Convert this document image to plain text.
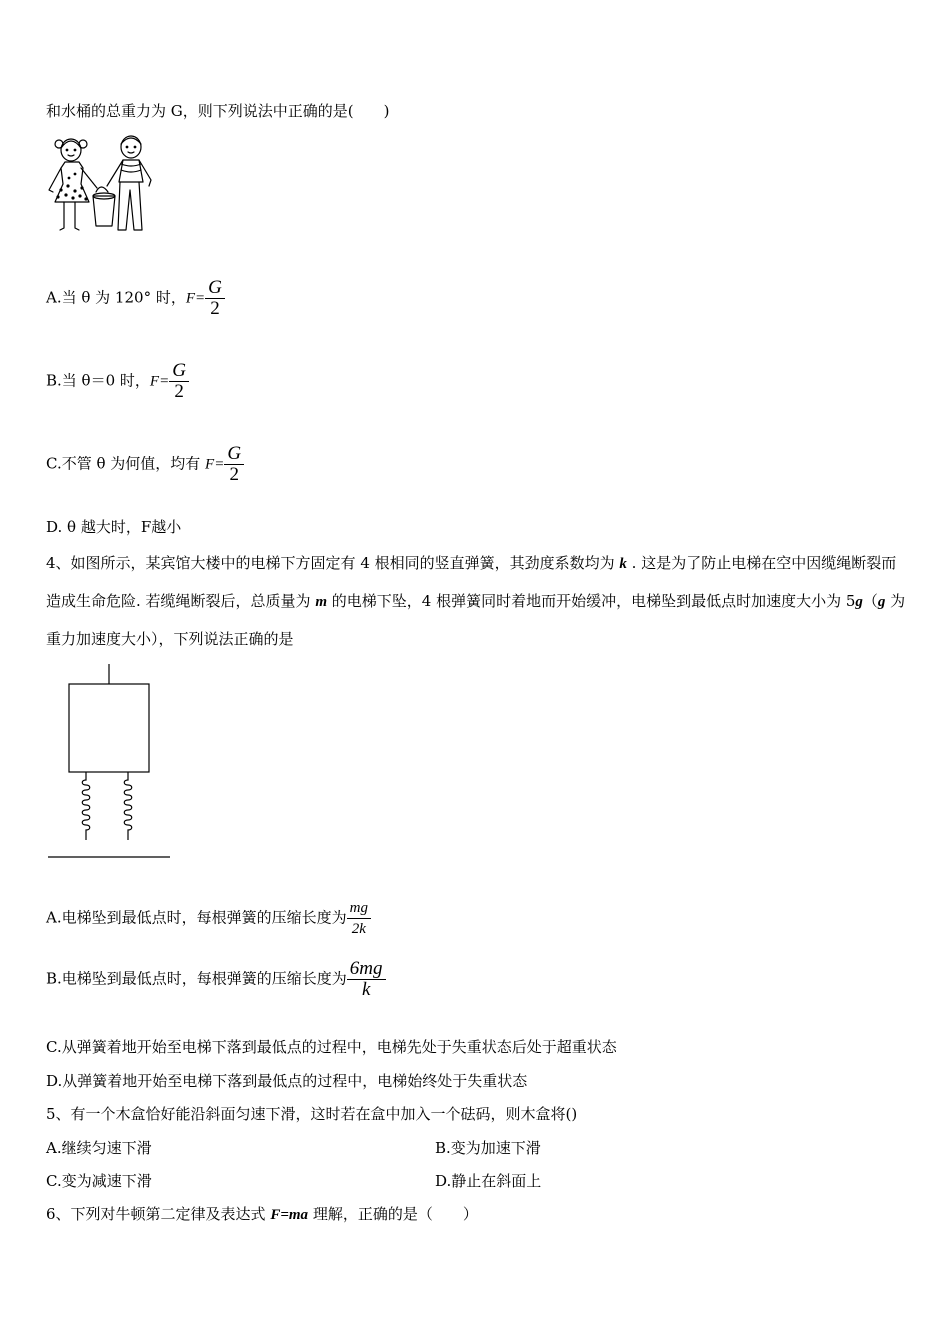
和水桶的总重力为 G，则下列说法中正确的是(　　)
A.当 θ 为 120° 时，$F= \frac{G}{2}$
B.当 θ＝0 时，$F= \frac{G}{2}$
C.不管 θ 为何值，均有 $F= \frac{G}{2}$
D. θ 越大时，F越小
4、如图所示，某宾馆大楼中的电梯下方固定有 4 根相同的竖直弹簧，其劲度系数均为 k . 这是为了防止电梯在空中因缆绳断裂而造成生命危险. 若缆绳断裂后，总质量为 m 的电梯下坠，4 根弹簧同时着地而开始缓冲，电梯坠到最低点时加速度大小为 5g（g 为重力加速度大小），下列说法正确的是
A.电梯坠到最低点时，每根弹簧的压缩长度为 $\frac{mg}{2k}$
B.电梯坠到最低点时，每根弹簧的压缩长度为 $\frac{6mg}{k}$
C.从弹簧着地开始至电梯下落到最低点的过程中，电梯先处于失重状态后处于超重状态
D.从弹簧着地开始至电梯下落到最低点的过程中，电梯始终处于失重状态
5、有一个木盒恰好能沿斜面匀速下滑，这时若在盒中加入一个砝码，则木盒将()
A.继续匀速下滑	B.变为加速下滑
C.变为减速下滑	D.静止在斜面上
6、下列对牛顿第二定律及表达式 F=ma 理解，正确的是（　　）
